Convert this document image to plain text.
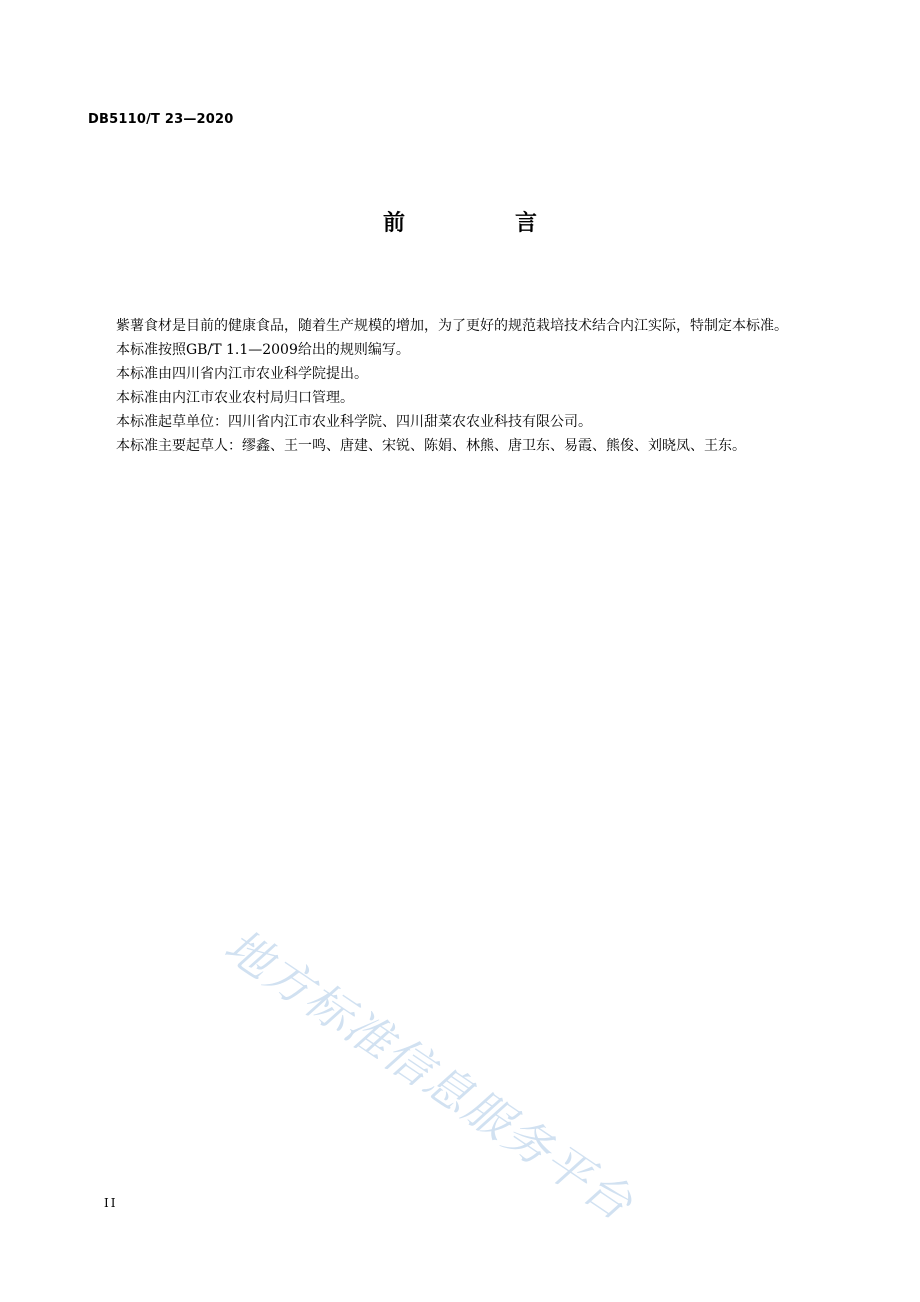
DB5110/T 23—2020
前　言

紫薯食材是目前的健康食品，随着生产规模的增加，为了更好的规范栽培技术结合内江实际，特制定本标准。

本标准按照GB/T 1.1—2009给出的规则编写。

本标准由四川省内江市农业科学院提出。

本标准由内江市农业农村局归口管理。

本标准起草单位：四川省内江市农业科学院、四川甜菜农农业科技有限公司。

本标准主要起草人：缪鑫、王一鸣、唐建、宋锐、陈娟、林熊、唐卫东、易霞、熊俊、刘晓凤、王东。

地方标准信息服务平台
II
